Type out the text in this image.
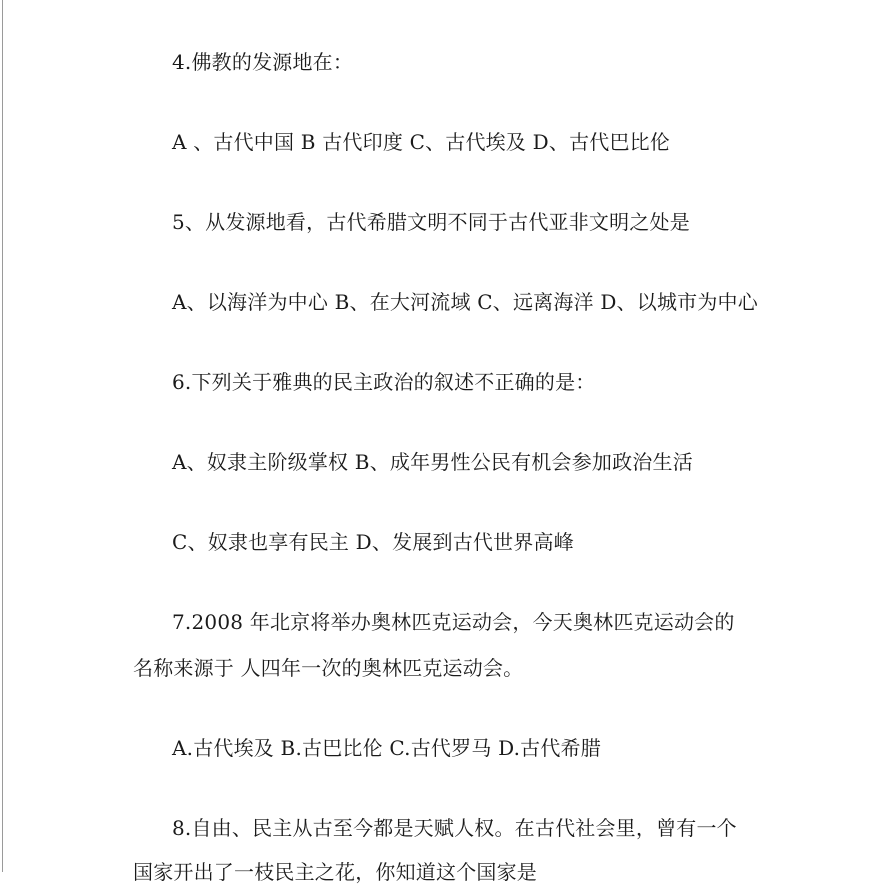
4.佛教的发源地在：
A 、古代中国 B 古代印度 C、古代埃及 D、古代巴比伦
5、从发源地看，古代希腊文明不同于古代亚非文明之处是
A、以海洋为中心 B、在大河流域 C、远离海洋 D、以城市为中心
6.下列关于雅典的民主政治的叙述不正确的是：
A、奴隶主阶级掌权 B、成年男性公民有机会参加政治生活
C、奴隶也享有民主 D、发展到古代世界高峰
7.2008 年北京将举办奥林匹克运动会，今天奥林匹克运动会的
名称来源于 人四年一次的奥林匹克运动会。
A.古代埃及 B.古巴比伦 C.古代罗马 D.古代希腊
8.自由、民主从古至今都是天赋人权。在古代社会里，曾有一个
国家开出了一枝民主之花，你知道这个国家是
